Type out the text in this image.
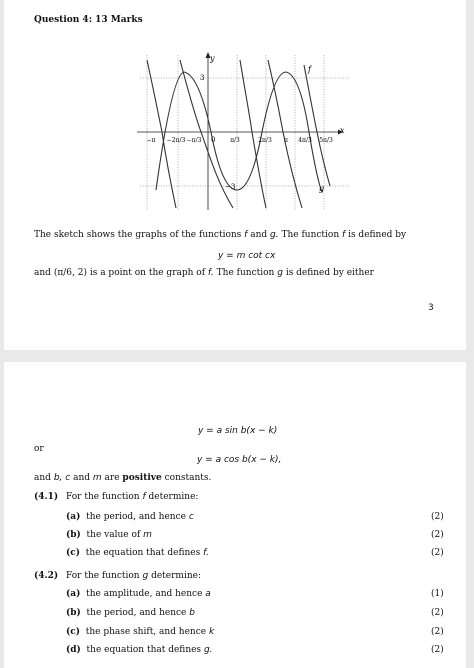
Question 4: 13 Marks
y
x
f
g
3
−3
0
−π −2π/3 −π/3	π/3	2π/3 π 4π/3 5π/3
The sketch shows the graphs of the functions f and g. The function f is defined by
y = m cot cx
and (π/6, 2) is a point on the graph of f. The function g is defined by either
3
y = a sin b(x − k)
or
y = a cos b(x − k),
and b, c and m are positive constants.
(4.1) For the function f determine:
(a) the period, and hence c	(2)
(b) the value of m	(2)
(c) the equation that defines f.	(2)
(4.2) For the function g determine:
(a) the amplitude, and hence a	(1)
(b) the period, and hence b	(2)
(c) the phase shift, and hence k	(2)
(d) the equation that defines g.	(2)
